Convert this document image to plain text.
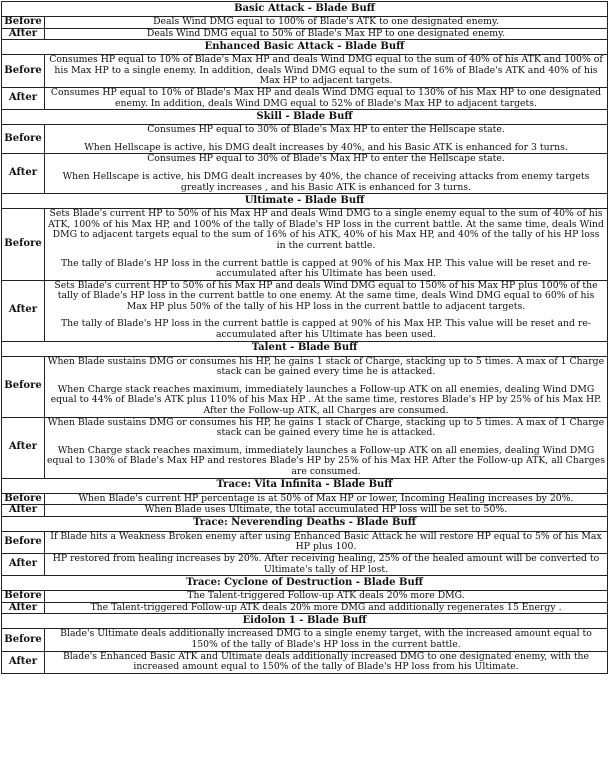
Basic Attack - Blade Buff	
Before	Deals Wind DMG equal to 100% of Blade's ATK to one designated enemy.

After	Deals Wind DMG equal to 50% of Blade's Max HP to one designated enemy.

Enhanced Basic Attack - Blade Buff	
Before	Consumes HP equal to 10% of Blade's Max HP and deals Wind DMG equal to the sum of 40% of his ATK and 100% of his Max HP to a single enemy. In addition, deals Wind DMG equal to the sum of 16% of Blade's ATK and 40% of his Max HP to adjacent targets.

After	Consumes HP equal to 10% of Blade's Max HP and deals Wind DMG equal to 130% of his Max HP to one designated enemy. In addition, deals Wind DMG equal to 52% of Blade's Max HP to adjacent targets.

Skill - Blade Buff	
Before	Consumes HP equal to 30% of Blade's Max HP to enter the Hellscape state.
When Hellscape is active, his DMG dealt increases by 40%, and his Basic ATK is enhanced for 3 turns.

After	Consumes HP equal to 30% of Blade's Max HP to enter the Hellscape state.
When Hellscape is active, his DMG dealt increases by 40%, the chance of receiving attacks from enemy targets greatly increases , and his Basic ATK is enhanced for 3 turns.

Ultimate - Blade Buff	
Before	Sets Blade's current HP to 50% of his Max HP and deals Wind DMG to a single enemy equal to the sum of 40% of his ATK, 100% of his Max HP, and 100% of the tally of Blade's HP loss in the current battle. At the same time, deals Wind DMG to adjacent targets equal to the sum of 16% of his ATK, 40% of his Max HP, and 40% of the tally of his HP loss in the current battle.
The tally of Blade's HP loss in the current battle is capped at 90% of his Max HP. This value will be reset and re-accumulated after his Ultimate has been used.

After	Sets Blade's current HP to 50% of his Max HP and deals Wind DMG equal to 150% of his Max HP plus 100% of the tally of Blade's HP loss in the current battle to one enemy. At the same time, deals Wind DMG equal to 60% of his Max HP plus 50% of the tally of his HP loss in the current battle to adjacent targets.
The tally of Blade's HP loss in the current battle is capped at 90% of his Max HP. This value will be reset and re-accumulated after his Ultimate has been used.

Talent - Blade Buff	
Before	When Blade sustains DMG or consumes his HP, he gains 1 stack of Charge, stacking up to 5 times. A max of 1 Charge stack can be gained every time he is attacked.
When Charge stack reaches maximum, immediately launches a Follow-up ATK on all enemies, dealing Wind DMG equal to 44% of Blade's ATK plus 110% of his Max HP . At the same time, restores Blade's HP by 25% of his Max HP. After the Follow-up ATK, all Charges are consumed.

After	When Blade sustains DMG or consumes his HP, he gains 1 stack of Charge, stacking up to 5 times. A max of 1 Charge stack can be gained every time he is attacked.
When Charge stack reaches maximum, immediately launches a Follow-up ATK on all enemies, dealing Wind DMG equal to 130% of Blade's Max HP and restores Blade's HP by 25% of his Max HP. After the Follow-up ATK, all Charges are consumed.

Trace: Vita Infinita - Blade Buff	
Before	When Blade's current HP percentage is at 50% of Max HP or lower, Incoming Healing increases by 20%.

After	When Blade uses Ultimate, the total accumulated HP loss will be set to 50%.

Trace: Neverending Deaths - Blade Buff	
Before	If Blade hits a Weakness Broken enemy after using Enhanced Basic Attack he will restore HP equal to 5% of his Max HP plus 100.

After	HP restored from healing increases by 20%. After receiving healing, 25% of the healed amount will be converted to Ultimate's tally of HP lost.

Trace: Cyclone of Destruction - Blade Buff	
Before	The Talent-triggered Follow-up ATK deals 20% more DMG.

After	The Talent-triggered Follow-up ATK deals 20% more DMG and additionally regenerates 15 Energy .

Eidolon 1 - Blade Buff	
Before	Blade's Ultimate deals additionally increased DMG to a single enemy target, with the increased amount equal to 150% of the tally of Blade's HP loss in the current battle.

After	Blade's Enhanced Basic ATK and Ultimate deals additionally increased DMG to one designated enemy, with the increased amount equal to 150% of the tally of Blade's HP loss from his Ultimate.
